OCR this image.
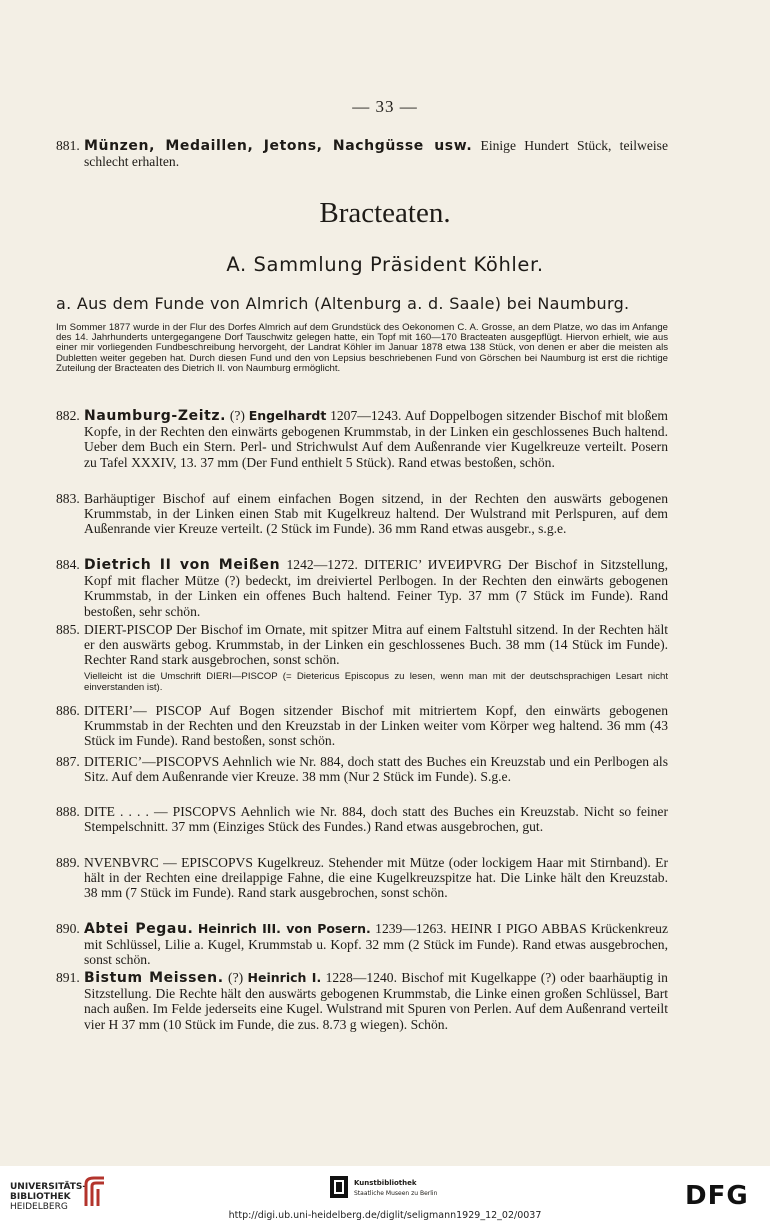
— 33 —
881. Münzen, Medaillen, Jetons, Nachgüsse usw. Einige Hundert Stück, teilweise schlecht erhalten.
Bracteaten.
A. Sammlung Präsident Köhler.
a. Aus dem Funde von Almrich (Altenburg a. d. Saale) bei Naumburg.
Im Sommer 1877 wurde in der Flur des Dorfes Almrich auf dem Grundstück des Oekonomen C. A. Grosse, an dem Platze, wo das im Anfange des 14. Jahrhunderts untergegangene Dorf Tauschwitz gelegen hatte, ein Topf mit 160—170 Bracteaten ausgepflügt. Hiervon erhielt, wie aus einer mir vorliegenden Fundbeschreibung hervorgeht, der Landrat Köhler im Januar 1878 etwa 138 Stück, von denen er aber die meisten als Dubletten weiter gegeben hat. Durch diesen Fund und den von Lepsius beschriebenen Fund von Görschen bei Naumburg ist erst die richtige Zuteilung der Bracteaten des Dietrich II. von Naumburg ermöglicht.
882. Naumburg-Zeitz. (?) Engelhardt 1207—1243. Auf Doppelbogen sitzender Bischof mit bloßem Kopfe, in der Rechten den einwärts gebogenen Krummstab, in der Linken ein geschlossenes Buch haltend. Ueber dem Buch ein Stern. Perl- und Strichwulst Auf dem Außenrande vier Kugelkreuze verteilt. Posern zu Tafel XXXIV, 13. 37 mm (Der Fund enthielt 5 Stück). Rand etwas bestoßen, schön.
883. Barhäuptiger Bischof auf einem einfachen Bogen sitzend, in der Rechten den auswärts gebogenen Krummstab, in der Linken einen Stab mit Kugelkreuz haltend. Der Wulstrand mit Perlspuren, auf dem Außenrande vier Kreuze verteilt. (2 Stück im Funde). 36 mm Rand etwas ausgebr., s.g.e.
884. Dietrich II von Meißen 1242—1272. DITERIC’ ИVEИPVRG Der Bischof in Sitzstellung, Kopf mit flacher Mütze (?) bedeckt, im dreiviertel Perlbogen. In der Rechten den einwärts gebogenen Krummstab, in der Linken ein offenes Buch haltend. Feiner Typ. 37 mm (7 Stück im Funde). Rand bestoßen, sehr schön.
885. DIERT-PISCOP Der Bischof im Ornate, mit spitzer Mitra auf einem Faltstuhl sitzend. In der Rechten hält er den auswärts gebog. Krummstab, in der Linken ein geschlossenes Buch. 38 mm (14 Stück im Funde). Rechter Rand stark ausgebrochen, sonst schön.
Vielleicht ist die Umschrift DIERI—PISCOP (= Dietericus Episcopus zu lesen, wenn man mit der deutschsprachigen Lesart nicht einverstanden ist).
886. DITERI’— PISCOP Auf Bogen sitzender Bischof mit mitriertem Kopf, den einwärts gebogenen Krummstab in der Rechten und den Kreuzstab in der Linken weiter vom Körper weg haltend. 36 mm (43 Stück im Funde). Rand bestoßen, sonst schön.
887. DITERIC’—PISCOPVS Aehnlich wie Nr. 884, doch statt des Buches ein Kreuzstab und ein Perlbogen als Sitz. Auf dem Außenrande vier Kreuze. 38 mm (Nur 2 Stück im Funde). S.g.e.
888. DITE . . . . — PISCOPVS Aehnlich wie Nr. 884, doch statt des Buches ein Kreuzstab. Nicht so feiner Stempelschnitt. 37 mm (Einziges Stück des Fundes.) Rand etwas ausgebrochen, gut.
889. NVENBVRC — EPISCOPVS Kugelkreuz. Stehender mit Mütze (oder lockigem Haar mit Stirnband). Er hält in der Rechten eine dreilappige Fahne, die eine Kugelkreuzspitze hat. Die Linke hält den Kreuzstab. 38 mm (7 Stück im Funde). Rand stark ausgebrochen, sonst schön.
890. Abtei Pegau. Heinrich III. von Posern. 1239—1263. HEINR I PIGO ABBAS Krückenkreuz mit Schlüssel, Lilie a. Kugel, Krummstab u. Kopf. 32 mm (2 Stück im Funde). Rand etwas ausgebrochen, sonst schön.
891. Bistum Meissen. (?) Heinrich I. 1228—1240. Bischof mit Kugelkappe (?) oder baarhäuptig in Sitzstellung. Die Rechte hält den auswärts gebogenen Krummstab, die Linke einen großen Schlüssel, Bart nach außen. Im Felde jederseits eine Kugel. Wulstrand mit Spuren von Perlen. Auf dem Außenrand verteilt vier H 37 mm (10 Stück im Funde, die zus. 8.73 g wiegen). Schön.
UNIVERSITÄTS-
BIBLIOTHEK
HEIDELBERG
Kunstbibliothek
Staatliche Museen zu Berlin	DFG
http://digi.ub.uni-heidelberg.de/diglit/seligmann1929_12_02/0037
